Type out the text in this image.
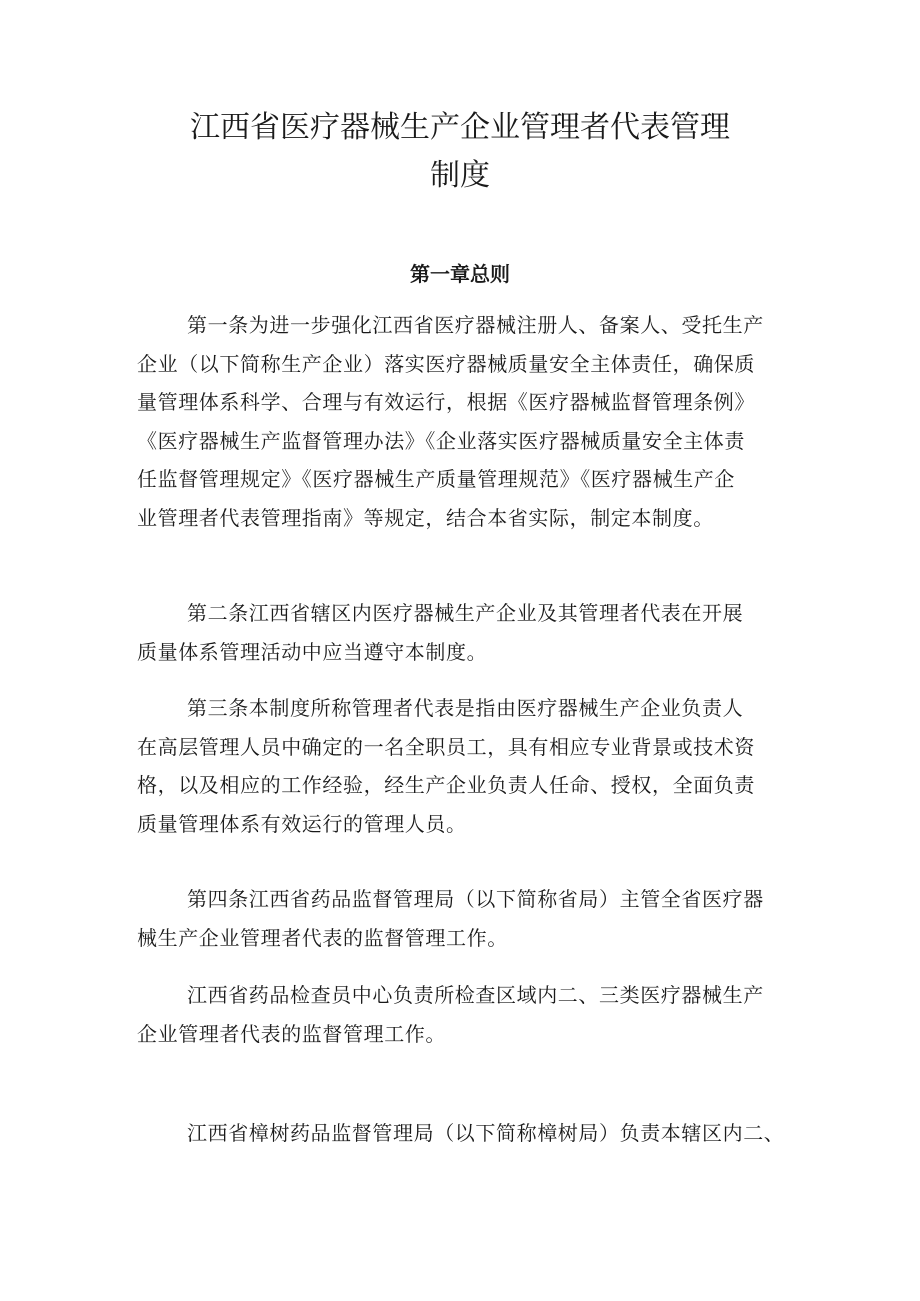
江西省医疗器械生产企业管理者代表管理
制度
第一章总则

第一条为进一步强化江西省医疗器械注册人、备案人、受托生产
企业（以下简称生产企业）落实医疗器械质量安全主体责任，确保质
量管理体系科学、合理与有效运行，根据《医疗器械监督管理条例》
《医疗器械生产监督管理办法》《企业落实医疗器械质量安全主体责
任监督管理规定》《医疗器械生产质量管理规范》《医疗器械生产企
业管理者代表管理指南》等规定，结合本省实际，制定本制度。

第二条江西省辖区内医疗器械生产企业及其管理者代表在开展
质量体系管理活动中应当遵守本制度。

第三条本制度所称管理者代表是指由医疗器械生产企业负责人
在高层管理人员中确定的一名全职员工，具有相应专业背景或技术资
格，以及相应的工作经验，经生产企业负责人任命、授权，全面负责
质量管理体系有效运行的管理人员。

第四条江西省药品监督管理局（以下简称省局）主管全省医疗器
械生产企业管理者代表的监督管理工作。

江西省药品检查员中心负责所检查区域内二、三类医疗器械生产
企业管理者代表的监督管理工作。

江西省樟树药品监督管理局（以下简称樟树局）负责本辖区内二、
